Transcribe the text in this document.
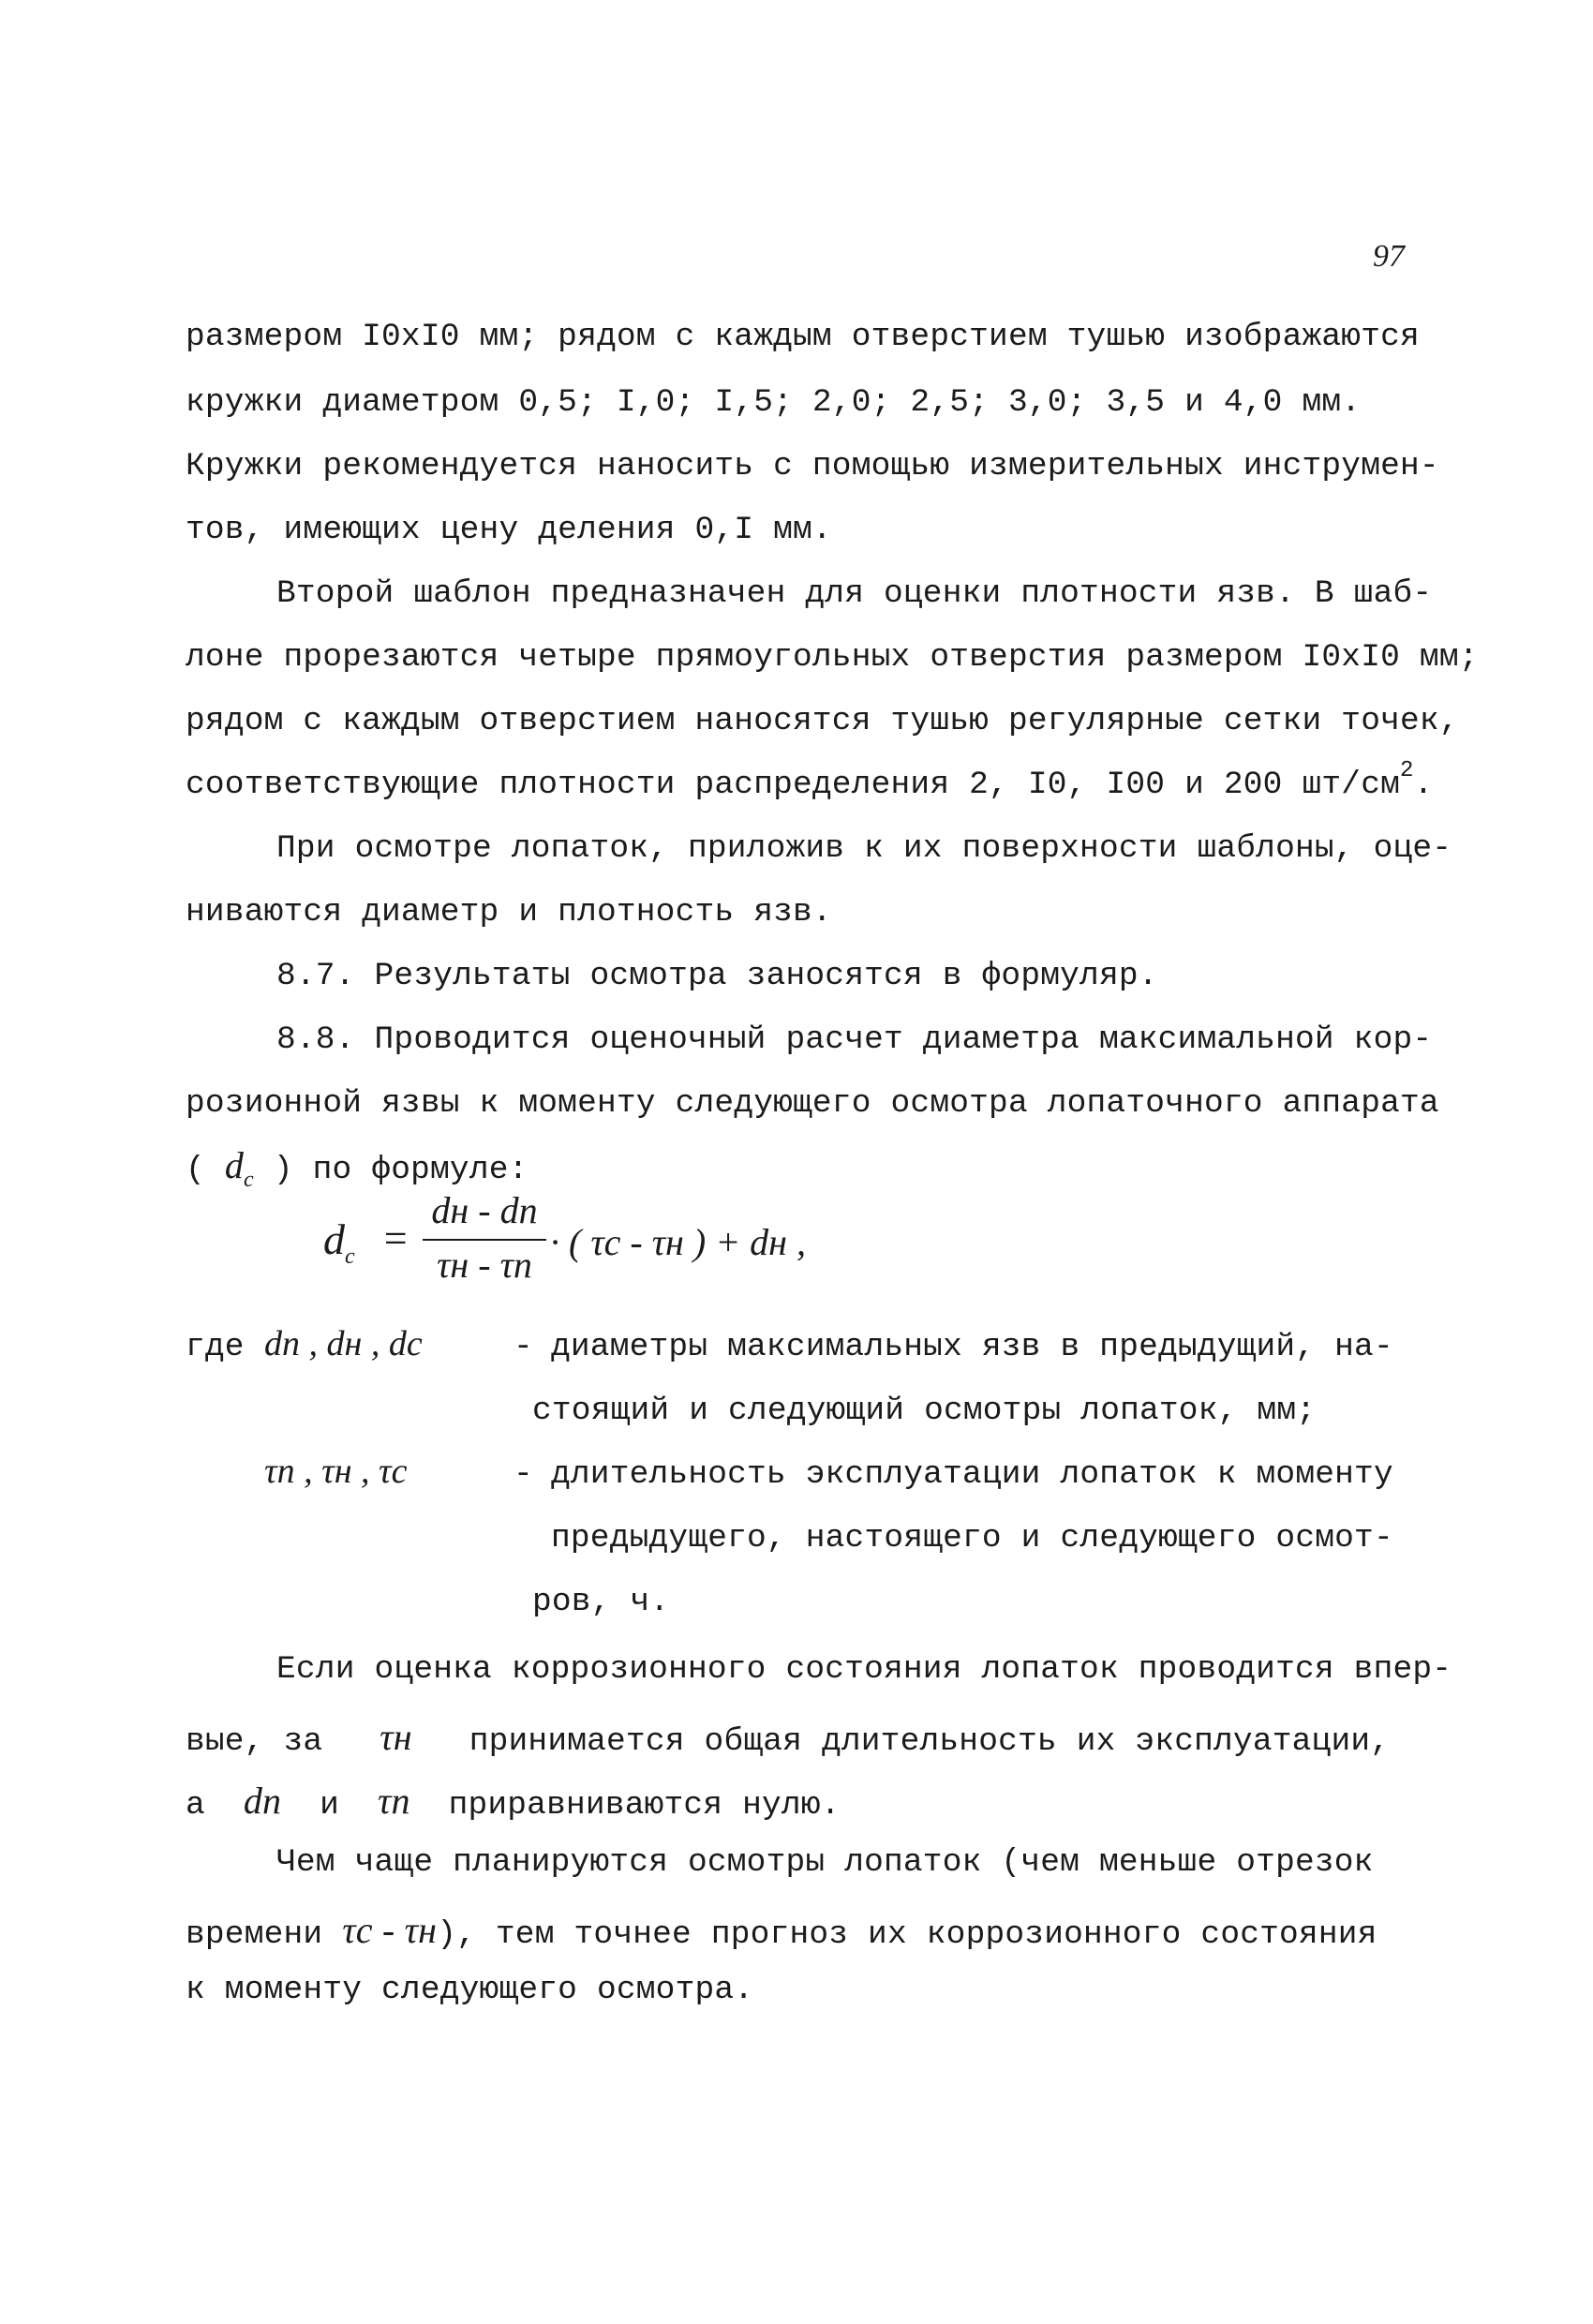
97
размером I0xI0 мм; рядом с каждым отверстием тушью изображаются
кружки диаметром 0,5; I,0; I,5; 2,0; 2,5; 3,0; 3,5 и 4,0 мм.
Кружки рекомендуется наносить с помощью измерительных инструмен-
тов, имеющих цену деления 0,I мм.
Второй шаблон предназначен для оценки плотности язв. В шаб-
лоне прорезаются четыре прямоугольных отверстия размером I0xI0 мм;
рядом с каждым отверстием наносятся тушью регулярные сетки точек,
соответствующие плотности распределения 2, I0, I00 и 200 $шт/см^2$.
При осмотре лопаток, приложив к их поверхности шаблоны, оце-
ниваются диаметр и плотность язв.
8.7. Результаты осмотра заносятся в формуляр.
8.8. Проводится оценочный расчет диаметра максимальной кор-
розионной язвы к моменту следующего осмотра лопаточного аппарата
( $d_c$ ) по формуле:
$d_c$ =
dн - dп
τн - τп
· ( τc - τн ) + dн ,
где dп , dн , dc	- диаметры максимальных язв в предыдущий, на-
стоящий и следующий осмотры лопаток, мм;
τп , τн , τc	- длительность эксплуатации лопаток к моменту
предыдущего, настоящего и следующего осмот-
ров, ч.
Если оценка коррозионного состояния лопаток проводится впер-
вые, за τн принимается общая длительность их эксплуатации,
а dп и τп приравниваются нулю.
Чем чаще планируются осмотры лопаток (чем меньше отрезок
времени τc - τн), тем точнее прогноз их коррозионного состояния
к моменту следующего осмотра.
